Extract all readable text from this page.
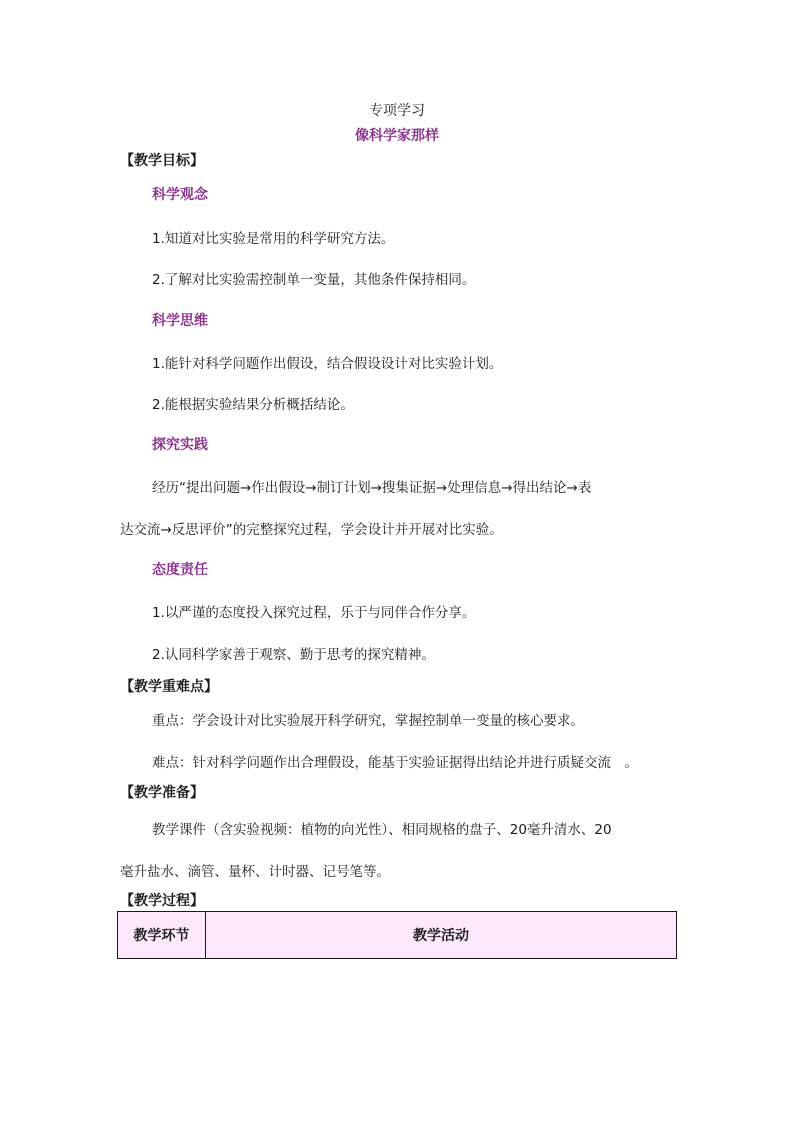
专项学习
像科学家那样
【教学目标】
科学观念
1.知道对比实验是常用的科学研究方法。
2.了解对比实验需控制单一变量，其他条件保持相同。
科学思维
1.能针对科学问题作出假设，结合假设设计对比实验计划。
2.能根据实验结果分析概括结论。
探究实践
经历“提出问题→作出假设→制订计划→搜集证据→处理信息→得出结论→表
达交流→反思评价”的完整探究过程，学会设计并开展对比实验。
态度责任
1.以严谨的态度投入探究过程，乐于与同伴合作分享。
2.认同科学家善于观察、勤于思考的探究精神。
【教学重难点】
重点：学会设计对比实验展开科学研究，掌握控制单一变量的核心要求。
难点：针对科学问题作出合理假设，能基于实验证据得出结论并进行质疑交流　。
【教学准备】
教学课件（含实验视频：植物的向光性）、相同规格的盘子、20毫升清水、20
毫升盐水、滴管、量杯、计时器、记号笔等。
【教学过程】
教学环节	教学活动
